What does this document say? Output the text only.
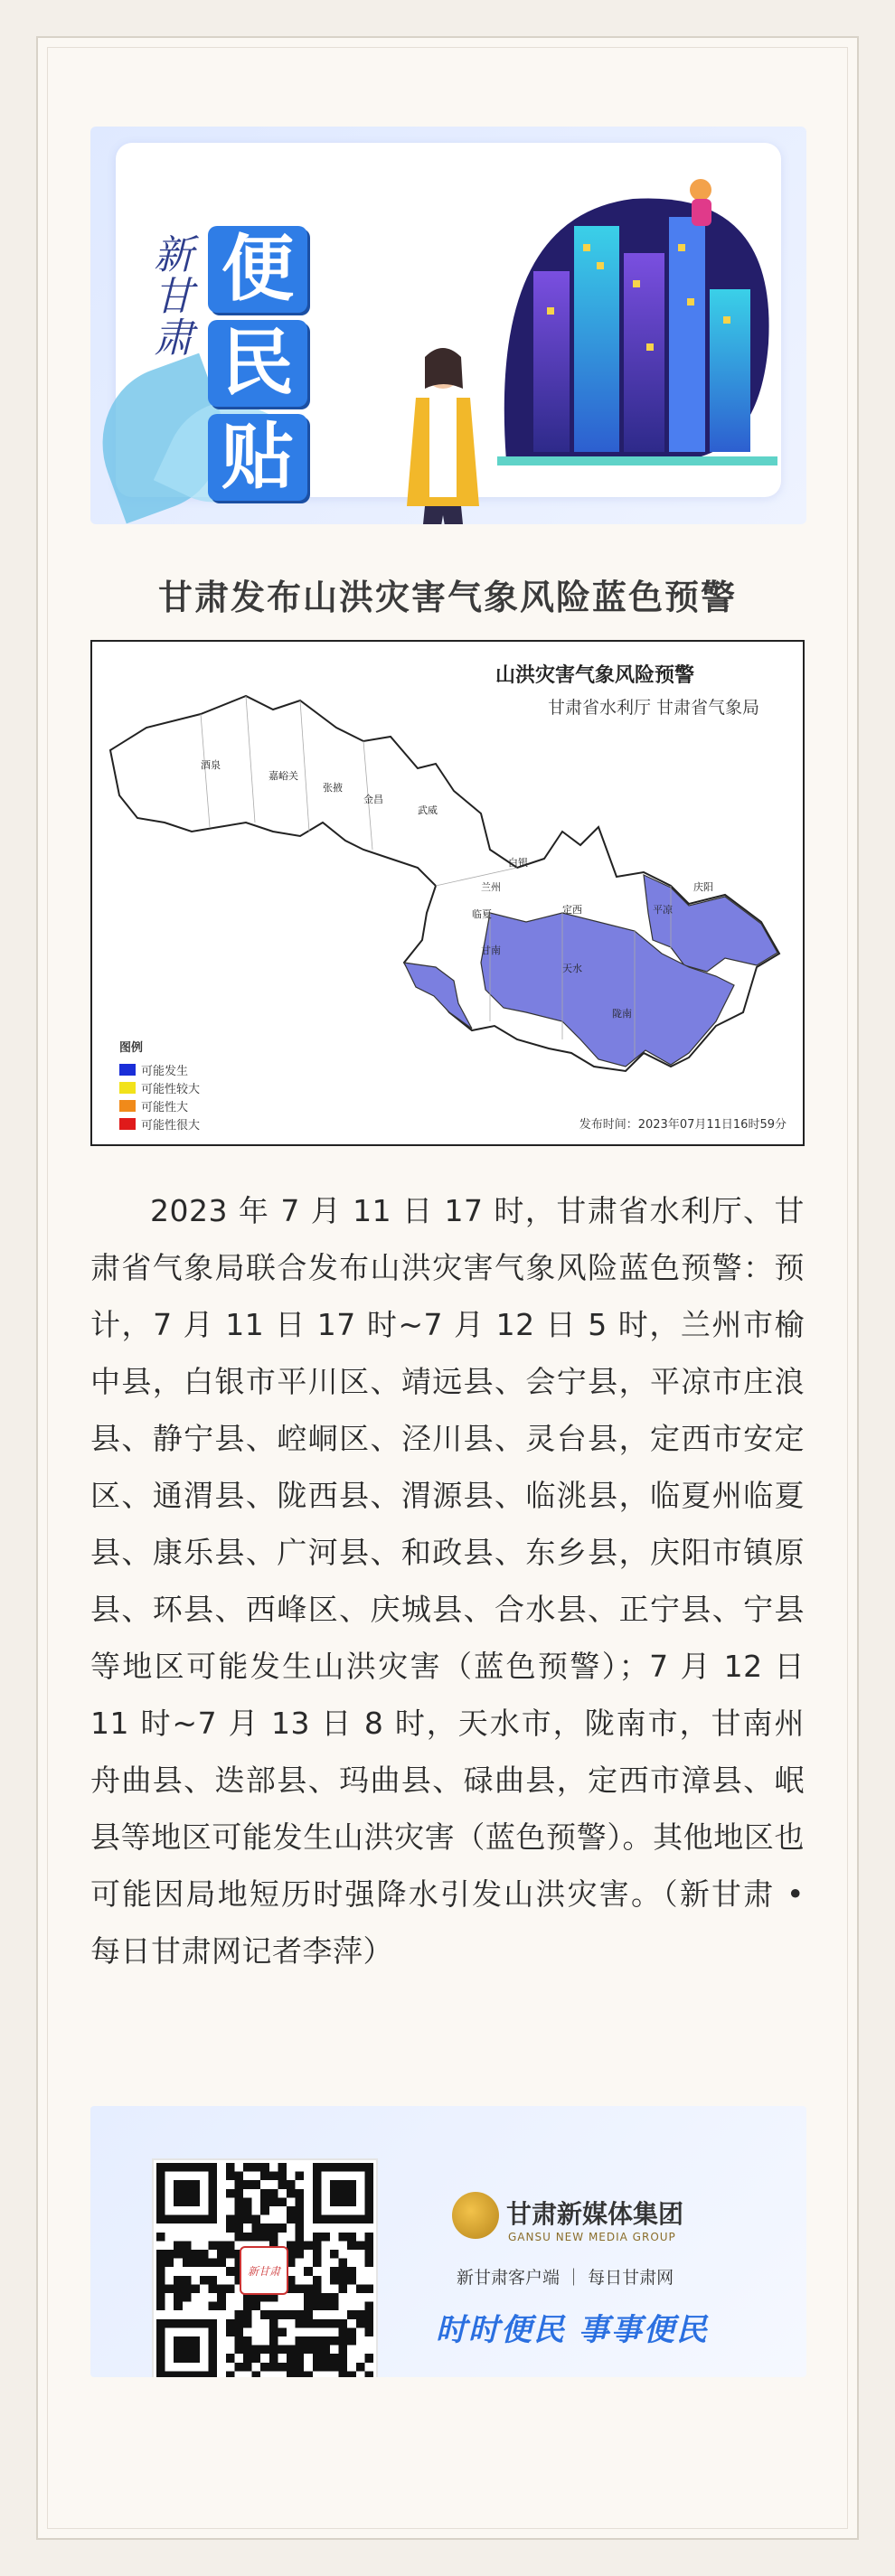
新甘肃
便
民
贴
甘肃发布山洪灾害气象风险蓝色预警
酒泉
嘉峪关
张掖
金昌
武威
白银
兰州
临夏	定西	平凉
庆阳
天水
甘南
陇南
山洪灾害气象风险预警
甘肃省水利厅 甘肃省气象局
图例
可能发生
可能性较大
可能性大
可能性很大	发布时间：2023年07月11日16时59分
2023 年 7 月 11 日 17 时，甘肃省水利厅、甘肃省气象局联合发布山洪灾害气象风险蓝色预警：预计，7 月 11 日 17 时~7 月 12 日 5 时，兰州市榆中县，白银市平川区、靖远县、会宁县，平凉市庄浪县、静宁县、崆峒区、泾川县、灵台县，定西市安定区、通渭县、陇西县、渭源县、临洮县，临夏州临夏县、康乐县、广河县、和政县、东乡县，庆阳市镇原县、环县、西峰区、庆城县、合水县、正宁县、宁县等地区可能发生山洪灾害（蓝色预警）；7 月 12 日 11 时~7 月 13 日 8 时，天水市，陇南市，甘南州舟曲县、迭部县、玛曲县、碌曲县，定西市漳县、岷县等地区可能发生山洪灾害（蓝色预警）。其他地区也可能因局地短历时强降水引发山洪灾害。（新甘肃 • 每日甘肃网记者李萍）
新甘肃
甘肃新媒体集团
GANSU NEW MEDIA GROUP
新甘肃客户端 ｜ 每日甘肃网
时时便民 事事便民
